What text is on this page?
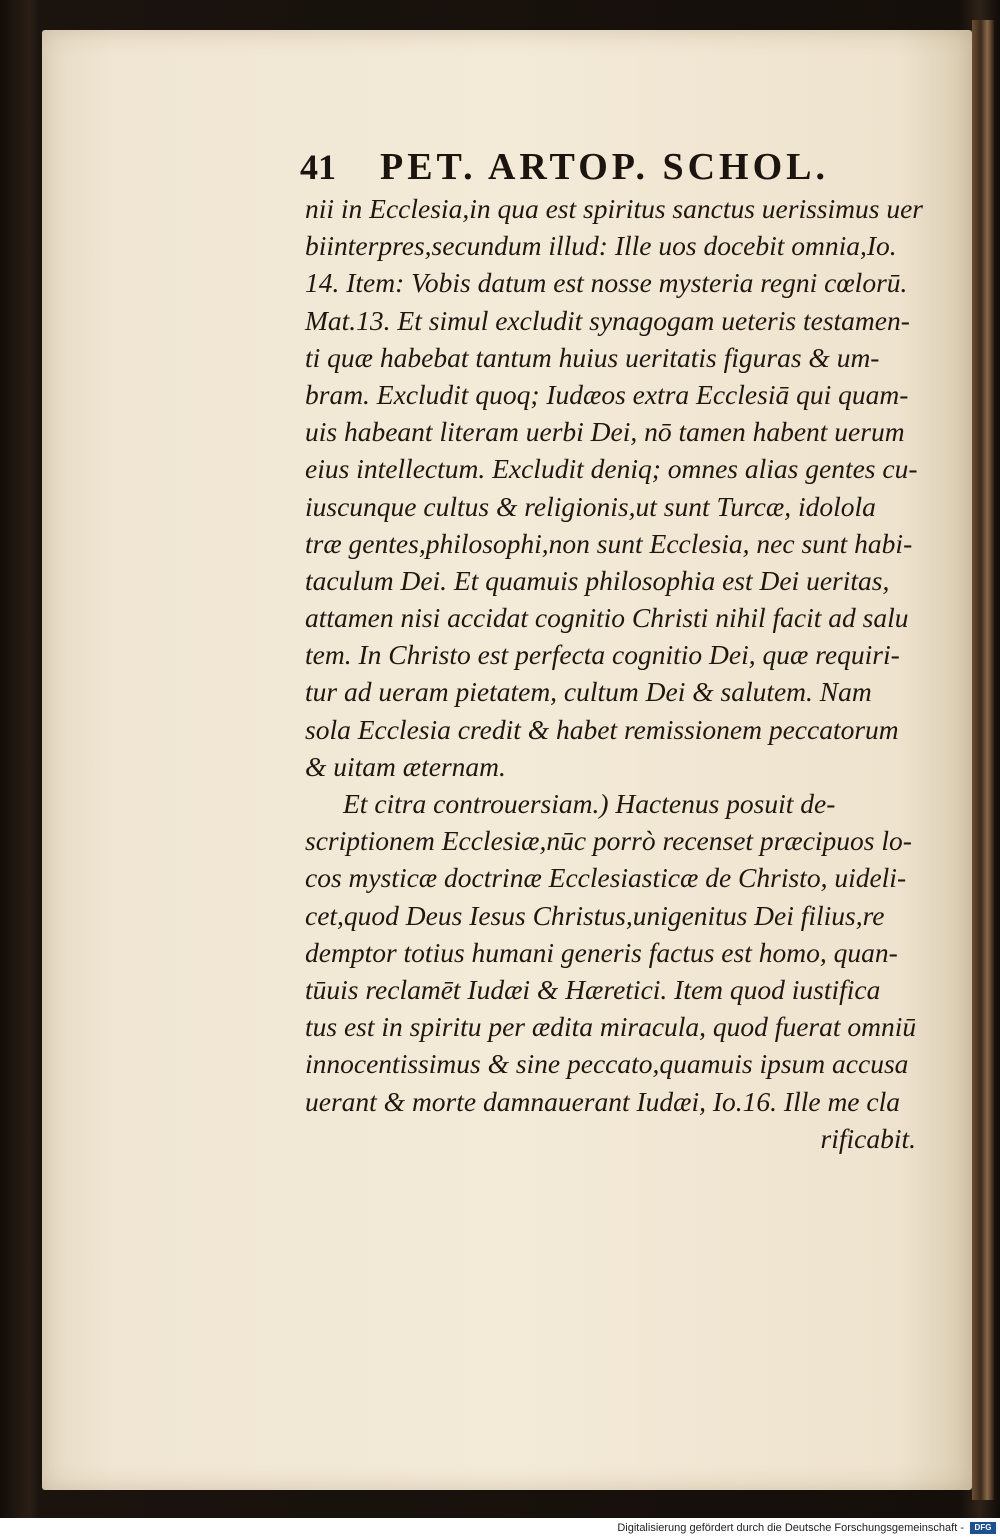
41	PET. ARTOP. SCHOL.
nii in Ecclesia,in qua est spiritus sanctus uerissimus uer
biinterpres,secundum illud: Ille uos docebit omnia,Io.
14. Item: Vobis datum est nosse mysteria regni cœlorū.
Mat.13. Et simul excludit synagogam ueteris testamen-
ti quæ habebat tantum huius ueritatis figuras & um-
bram. Excludit quoq; Iudæos extra Ecclesiā qui quam-
uis habeant literam uerbi Dei, nō tamen habent uerum
eius intellectum. Excludit deniq; omnes alias gentes cu-
iuscunque cultus & religionis,ut sunt Turcæ, idolola
træ gentes,philosophi,non sunt Ecclesia, nec sunt habi-
taculum Dei. Et quamuis philosophia est Dei ueritas,
attamen nisi accidat cognitio Christi nihil facit ad salu
tem. In Christo est perfecta cognitio Dei, quæ requiri-
tur ad ueram pietatem, cultum Dei & salutem. Nam
sola Ecclesia credit & habet remissionem peccatorum
& uitam æternam.
Et citra controuersiam.) Hactenus posuit de-
scriptionem Ecclesiæ,nūc porrò recenset præcipuos lo-
cos mysticæ doctrinæ Ecclesiasticæ de Christo, uideli-
cet,quod Deus Iesus Christus,unigenitus Dei filius,re
demptor totius humani generis factus est homo, quan-
tūuis reclamēt Iudæi & Hæretici. Item quod iustifica
tus est in spiritu per ædita miracula, quod fuerat omniū
innocentissimus & sine peccato,quamuis ipsum accusa
uerant & morte damnauerant Iudæi, Io.16. Ille me cla
rificabit.
Digitalisierung gefördert durch die Deutsche Forschungsgemeinschaft -	DFG
